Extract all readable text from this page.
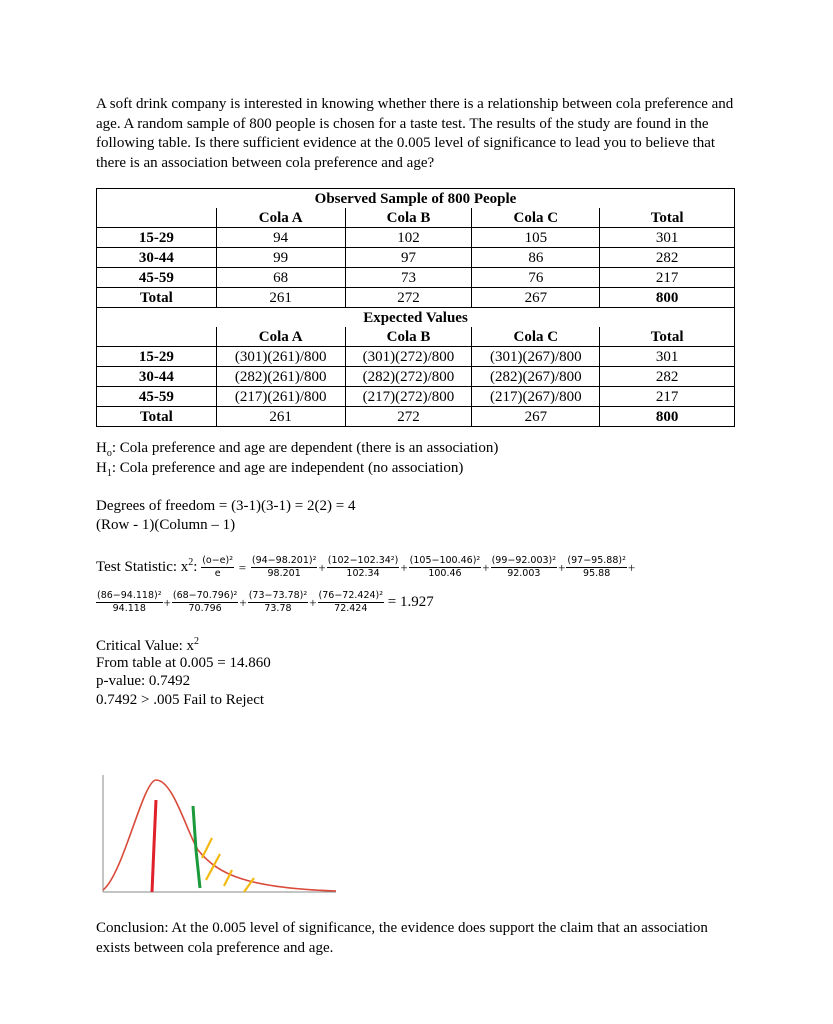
A soft drink company is interested in knowing whether there is a relationship between cola preference and age. A random sample of 800 people is chosen for a taste test. The results of the study are found in the following table. Is there sufficient evidence at the 0.005 level of significance to lead you to believe that there is an association between cola preference and age?

Observed Sample of 800 People				
	Cola A	Cola B	Cola C	Total
15-29	94	102	105	301
30-44	99	97	86	282
45-59	68	73	76	217
Total	261	272	267	800
Expected Values				
	Cola A	Cola B	Cola C	Total
15-29	(301)(261)/800	(301)(272)/800	(301)(267)/800	301
30-44	(282)(261)/800	(282)(272)/800	(282)(267)/800	282
45-59	(217)(261)/800	(217)(272)/800	(217)(267)/800	217
Total	261	272	267	800

$H_o$: Cola preference and age are dependent (there is an association)

$H_1$: Cola preference and age are independent (no association)

Degrees of freedom = (3-1)(3-1) = 2(2) = 4

(Row - 1)(Column – 1)

Test Statistic: $x^2$: $\frac{\text{(o−e)²}}{e} = \frac{\text{(94−98.201)²}}{98.201} + \frac{\text{(102−102.34²)}}{102.34} + \frac{\text{(105−100.46)²}}{100.46} + \frac{\text{(99−92.003)²}}{92.003} + \frac{\text{(97−95.88)²}}{95.88}$ +
$\frac{\text{(86−94.118)²}}{94.118} + \frac{\text{(68−70.796)²}}{70.796} + \frac{\text{(73−73.78)²}}{73.78} + \frac{\text{(76−72.424)²}}{72.424} = 1.927$

Critical Value: $x^2$

From table at 0.005 = 14.860

p-value: 0.7492

0.7492 > .005 Fail to Reject

Conclusion: At the 0.005 level of significance, the evidence does support the claim that an association exists between cola preference and age.
